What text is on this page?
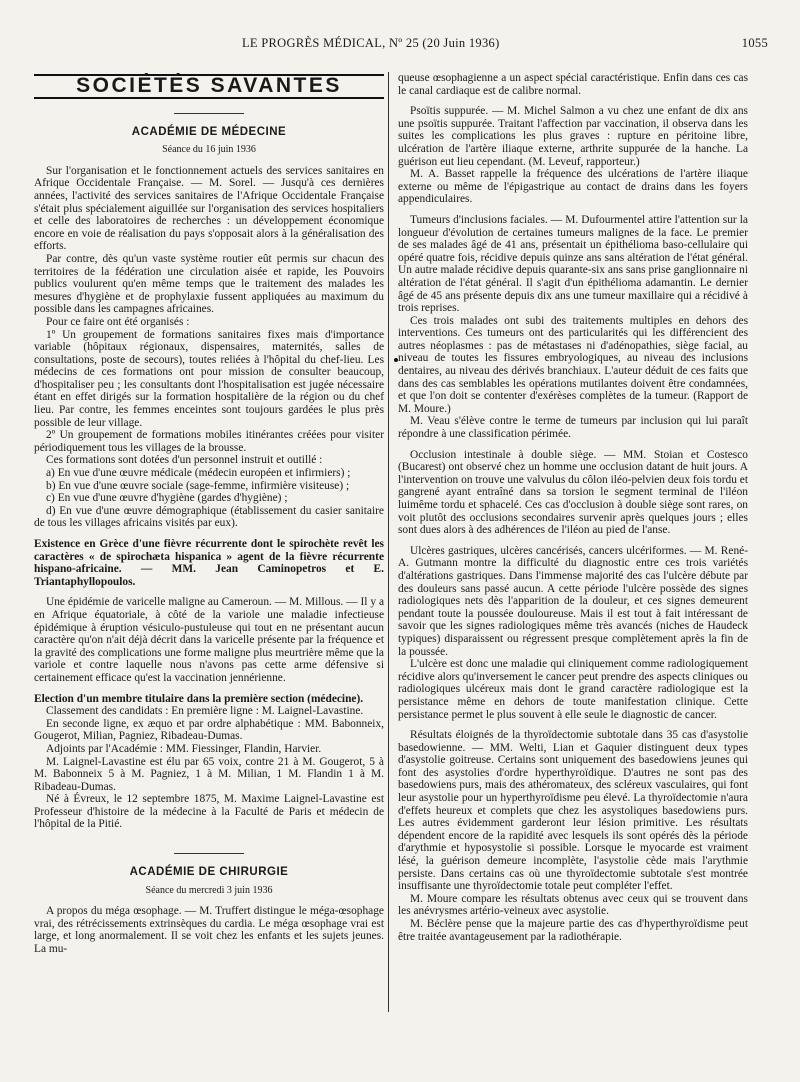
LE PROGRÈS MÉDICAL, Nº 25 (20 Juin 1936)	1055
SOCIÉTÉS SAVANTES
ACADÉMIE DE MÉDECINE
Séance du 16 juin 1936

Sur l'organisation et le fonctionnement actuels des services sanitaires en Afrique Occidentale Française. — M. Sorel. — Jusqu'à ces dernières années, l'activité des services sanitaires de l'Afrique Occidentale Française s'était plus spécialement aiguillée sur l'organisation des services hospitaliers et celle des laboratoires de recherches : un développement économique encore en voie de réalisation du pays s'opposait alors à la généralisation des efforts.

Par contre, dès qu'un vaste système routier eût permis sur chacun des territoires de la fédération une circulation aisée et rapide, les Pouvoirs publics voulurent qu'en même temps que le traitement des malades les mesures d'hygiène et de prophylaxie fussent appliquées au maximum du possible dans les campagnes africaines.

Pour ce faire ont été organisés :

1º Un groupement de formations sanitaires fixes mais d'importance variable (hôpitaux régionaux, dispensaires, maternités, salles de consultations, poste de secours), toutes reliées à l'hôpital du chef-lieu. Les médecins de ces formations ont pour mission de consulter beaucoup, d'hospitaliser peu ; les consultants dont l'hospitalisation est jugée nécessaire étant en effet dirigés sur la formation hospitalière de la région ou du chef lieu. Par contre, les femmes enceintes sont toujours gardées le plus près possible de leur village.

2º Un groupement de formations mobiles itinérantes créées pour visiter périodiquement tous les villages de la brousse.

Ces formations sont dotées d'un personnel instruit et outillé :

a) En vue d'une œuvre médicale (médecin européen et infirmiers) ;

b) En vue d'une œuvre sociale (sage-femme, infirmière visiteuse) ;

c) En vue d'une œuvre d'hygiène (gardes d'hygiène) ;

d) En vue d'une œuvre démographique (établissement du casier sanitaire de tous les villages africains visités par eux).

Existence en Grèce d'une fièvre récurrente dont le spirochète revêt les caractères « de spirochæta hispanica » agent de la fièvre récurrente hispano-africaine. — MM. Jean Caminopetros et E. Triantaphyllopoulos.

Une épidémie de varicelle maligne au Cameroun. — M. Millous. — Il y a en Afrique équatoriale, à côté de la variole une maladie infectieuse épidémique à éruption vésiculo-pustuleuse qui tout en ne présentant aucun caractère qu'on n'ait déjà décrit dans la varicelle présente par la fréquence et la gravité des complications une forme maligne plus meurtrière même que la variole et contre laquelle nous n'avons pas cette arme défensive si certainement efficace qu'est la vaccination jennérienne.

Election d'un membre titulaire dans la première section (médecine).

Classement des candidats : En première ligne : M. Laignel-Lavastine.

En seconde ligne, ex æquo et par ordre alphabétique : MM. Babonneix, Gougerot, Milian, Pagniez, Ribadeau-Dumas.

Adjoints par l'Académie : MM. Fiessinger, Flandin, Harvier.

M. Laignel-Lavastine est élu par 65 voix, contre 21 à M. Gougerot, 5 à M. Babonneix 5 à M. Pagniez, 1 à M. Milian, 1 M. Flandin 1 à M. Ribadeau-Dumas.

Né à Évreux, le 12 septembre 1875, M. Maxime Laignel-Lavastine est Professeur d'histoire de la médecine à la Faculté de Paris et médecin de l'hôpital de la Pitié.

ACADÉMIE DE CHIRURGIE
Séance du mercredi 3 juin 1936

A propos du méga œsophage. — M. Truffert distingue le méga-œsophage vrai, des rétrécissements extrinsèques du cardia. Le méga œsophage vrai est large, et long anormalement. Il se voit chez les enfants et les sujets jeunes. La mu-

queuse œsophagienne a un aspect spécial caractéristique. Enfin dans ces cas le canal cardiaque est de calibre normal.

Psoïtis suppurée. — M. Michel Salmon a vu chez une enfant de dix ans une psoïtis suppurée. Traitant l'affection par vaccination, il observa dans les suites les complications les plus graves : rupture en péritoine libre, ulcération de l'artère iliaque externe, arthrite suppurée de la hanche. La guérison eut lieu cependant. (M. Leveuf, rapporteur.)

M. A. Basset rappelle la fréquence des ulcérations de l'artère iliaque externe ou même de l'épigastrique au contact de drains dans les foyers appendiculaires.

Tumeurs d'inclusions faciales. — M. Dufourmentel attire l'attention sur la longueur d'évolution de certaines tumeurs malignes de la face. Le premier de ses malades âgé de 41 ans, présentait un épithélioma baso-cellulaire qui opéré quatre fois, récidive depuis quinze ans sans altération de l'état général. Un autre malade récidive depuis quarante-six ans sans prise ganglionnaire ni altération de l'état général. Il s'agit d'un épithélioma adamantin. Le dernier âgé de 45 ans présente depuis dix ans une tumeur maxillaire qui a récidivé à trois reprises.

Ces trois malades ont subi des traitements multiples en dehors des interventions. Ces tumeurs ont des particularités qui les différencient des autres néoplasmes : pas de métastases ni d'adénopathies, siège facial, au niveau de toutes les fissures embryologiques, au niveau des inclusions dentaires, au niveau des dérivés branchiaux. L'auteur déduit de ces faits que dans des cas semblables les opérations mutilantes doivent être condamnées, et que l'on doit se contenter d'exérèses complètes de la tumeur. (Rapport de M. Moure.)

M. Veau s'élève contre le terme de tumeurs par inclusion qui lui paraît répondre à une classification périmée.

Occlusion intestinale à double siège. — MM. Stoian et Costesco (Bucarest) ont observé chez un homme une occlusion datant de huit jours. A l'intervention on trouve une valvulus du côlon iléo-pelvien deux fois tordu et gangrené ayant entraîné dans sa torsion le segment terminal de l'iléon luimême tordu et sphacelé. Ces cas d'occlusion à double siège sont rares, on voit plutôt des occlusions secondaires survenir après quelques jours ; elles sont dues alors à des adhérences de l'iléon au pied de l'anse.

Ulcères gastriques, ulcères cancérisés, cancers ulcériformes. — M. René-A. Gutmann montre la difficulté du diagnostic entre ces trois variétés d'altérations gastriques. Dans l'immense majorité des cas l'ulcère débute par des douleurs sans passé aucun. A cette période l'ulcère possède des signes radiologiques nets dès l'apparition de la douleur, et ces signes demeurent pendant toute la poussée douloureuse. Mais il est tout à fait intéressant de savoir que les signes radiologiques même très avancés (niches de Haudeck typiques) disparaissent ou régressent presque complètement après la fin de la poussée.

L'ulcère est donc une maladie qui cliniquement comme radiologiquement récidive alors qu'inversement le cancer peut prendre des aspects cliniques ou radiologiques ulcéreux mais dont le grand caractère radiologique est la persistance même en dehors de toute manifestation clinique. Cette persistance permet le plus souvent à elle seule le diagnostic de cancer.

Résultats éloignés de la thyroïdectomie subtotale dans 35 cas d'asystolie basedowienne. — MM. Welti, Lian et Gaquier distinguent deux types d'asystolie goitreuse. Certains sont uniquement des basedowiens jeunes qui font des asystolies d'ordre hyperthyroïdique. D'autres ne sont pas des basedowiens purs, mais des athéromateux, des scléreux vasculaires, qui font leur asystolie pour un hyperthyroïdisme peu élevé. La thyroïdectomie n'aura d'effets heureux et complets que chez les asystoliques basedowiens purs. Les autres évidemment garderont leur lésion primitive. Les résultats dépendent encore de la rapidité avec lesquels ils sont opérés dès la période d'arythmie et hyposystolie si possible. Lorsque le myocarde est vraiment lésé, la guérison demeure incomplète, l'asystolie cède mais l'arythmie persiste. Dans certains cas où une thyroïdectomie subtotale s'est montrée insuffisante une thyroïdectomie totale peut compléter l'effet.

M. Moure compare les résultats obtenus avec ceux qui se trouvent dans les anévrysmes artério-veineux avec asystolie.

M. Béclère pense que la majeure partie des cas d'hyperthyroïdisme peut être traitée avantageusement par la radiothérapie.
